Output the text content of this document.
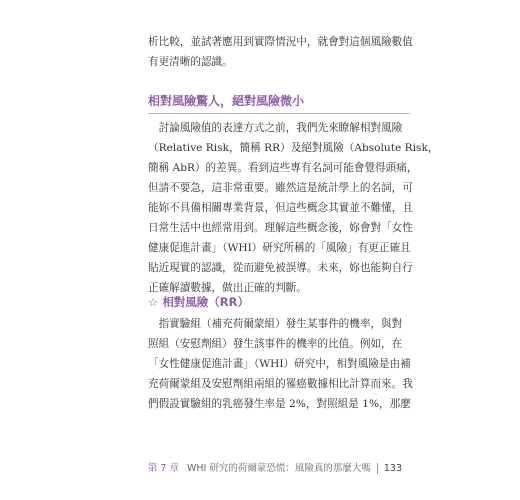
析比較，並試著應用到實際情況中，就會對這個風險數值
有更清晰的認識。
相對風險驚人，絕對風險微小
　討論風險值的表達方式之前，我們先來瞭解相對風險
（Relative Risk，簡稱 RR）及絕對風險（Absolute Risk，
簡稱 AbR）的差異。看到這些專有名詞可能會覺得頭痛，
但請不要急，這非常重要。雖然這是統計學上的名詞，可
能妳不具備相關專業背景，但這些概念其實並不難懂，且
日常生活中也經常用到。理解這些概念後，妳會對「女性
健康促進計畫」（WHI）研究所稱的「風險」有更正確且
貼近現實的認識，從而避免被誤導。未來，妳也能夠自行
正確解讀數據，做出正確的判斷。
☆ 相對風險（RR）
　指實驗組（補充荷爾蒙組）發生某事件的機率，與對
照組（安慰劑組）發生該事件的機率的比值。例如，在
「女性健康促進計畫」（WHI）研究中，相對風險是由補
充荷爾蒙組及安慰劑組兩組的罹癌數據相比計算而來。我
們假設實驗組的乳癌發生率是 2%，對照組是 1%，那麼
第 7 章 WHI 研究的荷爾蒙恐慌：風險真的那麼大嗎 133
